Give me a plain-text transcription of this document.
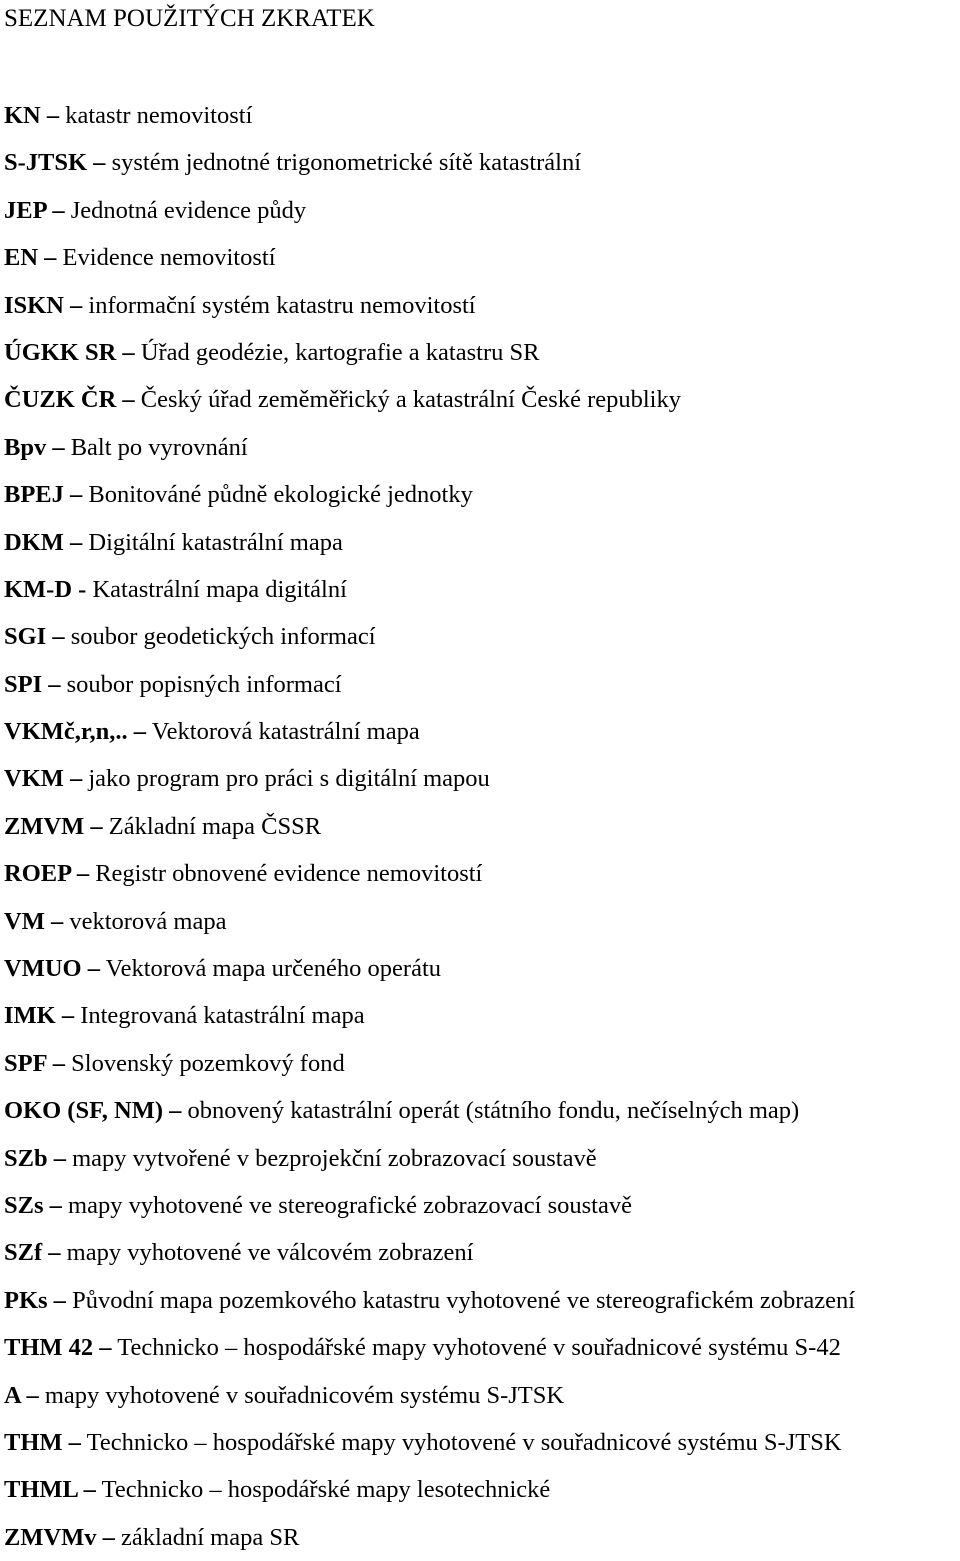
SEZNAM POUŽITÝCH ZKRATEK
KN – katastr nemovitostí
S-JTSK – systém jednotné trigonometrické sítě katastrální
JEP – Jednotná evidence půdy
EN – Evidence nemovitostí
ISKN – informační systém katastru nemovitostí
ÚGKK SR – Úřad geodézie, kartografie a katastru SR
ČUZK ČR – Český úřad zeměměřický a katastrální České republiky
Bpv – Balt po vyrovnání
BPEJ – Bonitováné půdně ekologické jednotky
DKM – Digitální katastrální mapa
KM-D - Katastrální mapa digitální
SGI – soubor geodetických informací
SPI – soubor popisných informací
VKMč,r,n,.. – Vektorová katastrální mapa
VKM – jako program pro práci s digitální mapou
ZMVM – Základní mapa ČSSR
ROEP – Registr obnovené evidence nemovitostí
VM – vektorová mapa
VMUO – Vektorová mapa určeného operátu
IMK – Integrovaná katastrální mapa
SPF – Slovenský pozemkový fond
OKO (SF, NM) – obnovený katastrální operát (státního fondu, nečíselných map)
SZb – mapy vytvořené v bezprojekční zobrazovací soustavě
SZs – mapy vyhotovené ve stereografické zobrazovací soustavě
SZf – mapy vyhotovené ve válcovém zobrazení
PKs – Původní mapa pozemkového katastru vyhotovené ve stereografickém zobrazení
THM 42 – Technicko – hospodářské mapy vyhotovené v souřadnicové systému S-42
A – mapy vyhotovené v souřadnicovém systému S-JTSK
THM – Technicko – hospodářské mapy vyhotovené v souřadnicové systému S-JTSK
THML – Technicko – hospodářské mapy lesotechnické
ZMVMv – základní mapa SR
